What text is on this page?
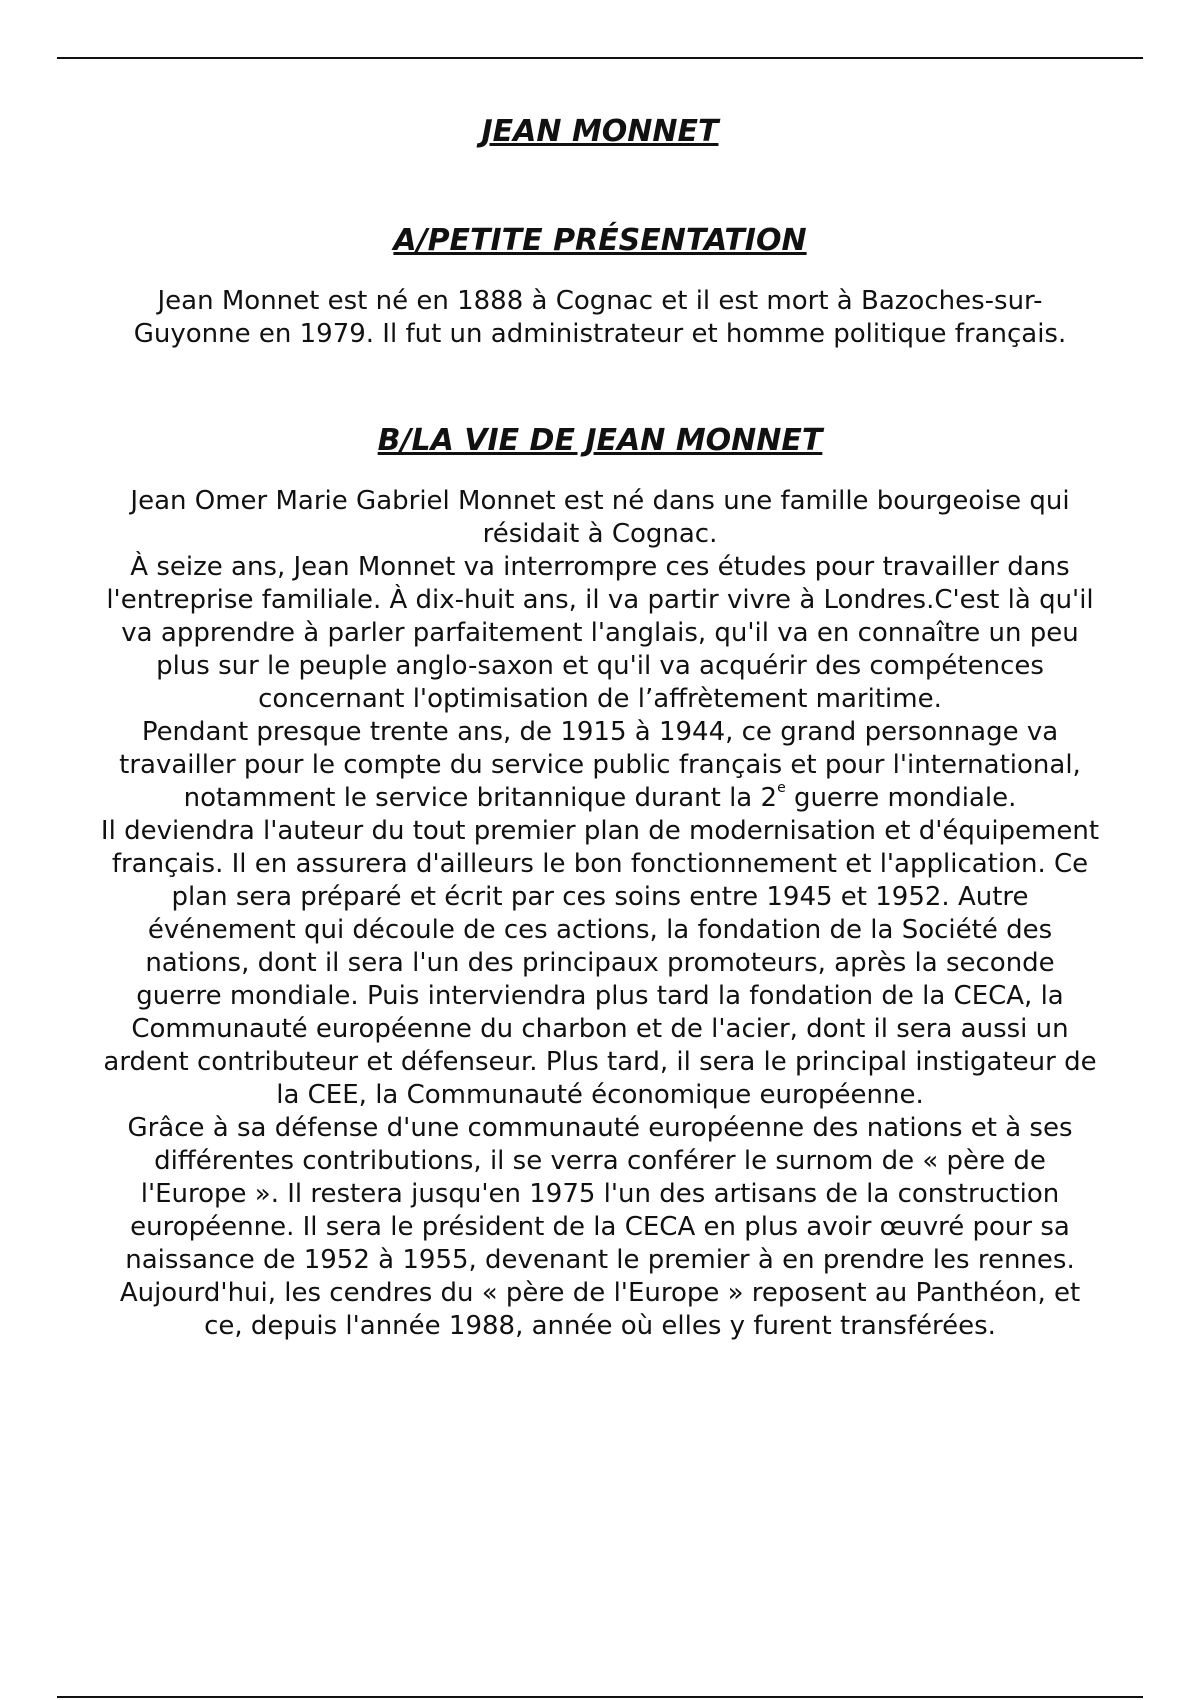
JEAN MONNET
A/PETITE PRÉSENTATION

Jean Monnet est né en 1888 à Cognac et il est mort à Bazoches-sur-Guyonne en 1979. Il fut un administrateur et homme politique français.

B/LA VIE DE JEAN MONNET

Jean Omer Marie Gabriel Monnet est né dans une famille bourgeoise qui résidait à Cognac.

À seize ans, Jean Monnet va interrompre ces études pour travailler dans l'entreprise familiale. À dix-huit ans, il va partir vivre à Londres.C'est là qu'il va apprendre à parler parfaitement l'anglais, qu'il va en connaître un peu plus sur le peuple anglo-saxon et qu'il va acquérir des compétences concernant l'optimisation de l’affrètement maritime.

Pendant presque trente ans, de 1915 à 1944, ce grand personnage va travailler pour le compte du service public français et pour l'international, notamment le service britannique durant la 2e guerre mondiale.

Il deviendra l'auteur du tout premier plan de modernisation et d'équipement français. Il en assurera d'ailleurs le bon fonctionnement et l'application. Ce plan sera préparé et écrit par ces soins entre 1945 et 1952. Autre événement qui découle de ces actions, la fondation de la Société des nations, dont il sera l'un des principaux promoteurs, après la seconde guerre mondiale. Puis interviendra plus tard la fondation de la CECA, la Communauté européenne du charbon et de l'acier, dont il sera aussi un ardent contributeur et défenseur. Plus tard, il sera le principal instigateur de la CEE, la Communauté économique européenne.

Grâce à sa défense d'une communauté européenne des nations et à ses différentes contributions, il se verra conférer le surnom de « père de l'Europe ». Il restera jusqu'en 1975 l'un des artisans de la construction européenne. Il sera le président de la CECA en plus avoir œuvré pour sa naissance de 1952 à 1955, devenant le premier à en prendre les rennes.

Aujourd'hui, les cendres du « père de l'Europe » reposent au Panthéon, et ce, depuis l'année 1988, année où elles y furent transférées.
